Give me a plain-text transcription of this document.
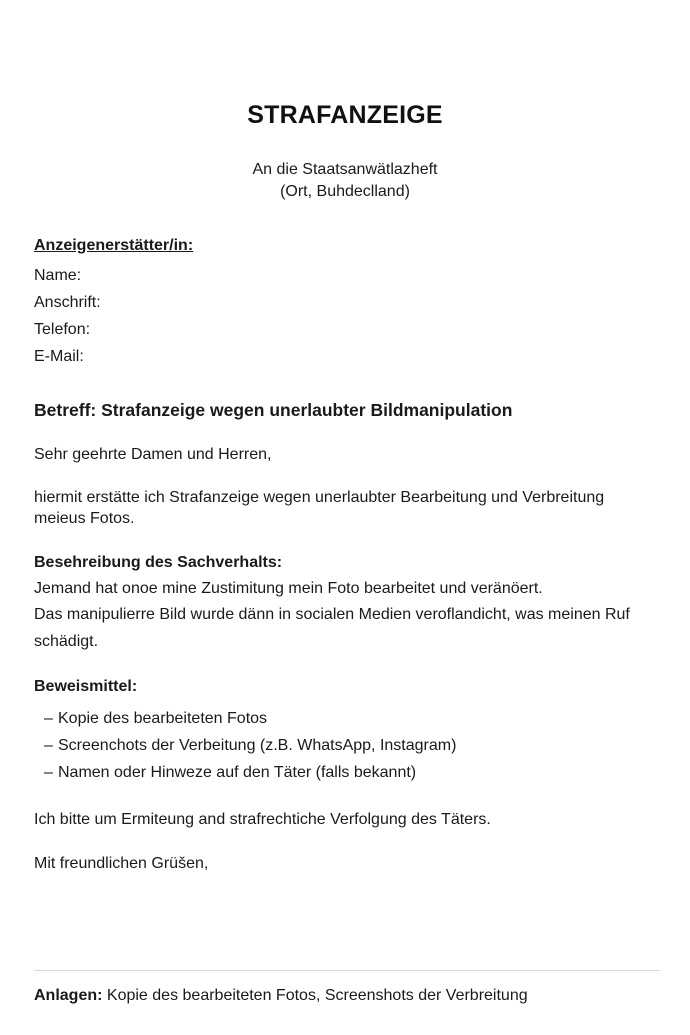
STRAFANZEIGE
An die Staatsanwätlazheft
(Ort, Buhdeclland)
Anzeigenerstätter/in:
Name:
Anschrift:
Telefon:
E-Mail:
Betreff: Strafanzeige wegen unerlaubter Bildmanipulation
Sehr geehrte Damen und Herren,
hiermit erstätte ich Strafanzeige wegen unerlaubter Bearbeitung und Verbreitung
meieus Fotos.
Besehreibung des Sachverhalts:
Jemand hat onoe mine Zustimitung mein Foto bearbeitet und veränöert.
Das manipulierre Bild wurde dänn in socialen Medien veroflandicht, was meinen Ruf
schädigt.
Beweismittel:
– Kopie des bearbeiteten Fotos
– Screenchots der Verbeitung (z.B. WhatsApp, Instagram)
– Namen oder Hinweze auf den Täter (falls bekannt)
Ich bitte um Ermiteung and strafrechtiche Verfolgung des Täters.
Mit freundlichen Grüšen,
Anlagen: Kopie des bearbeiteten Fotos, Screenshots der Verbreitung
